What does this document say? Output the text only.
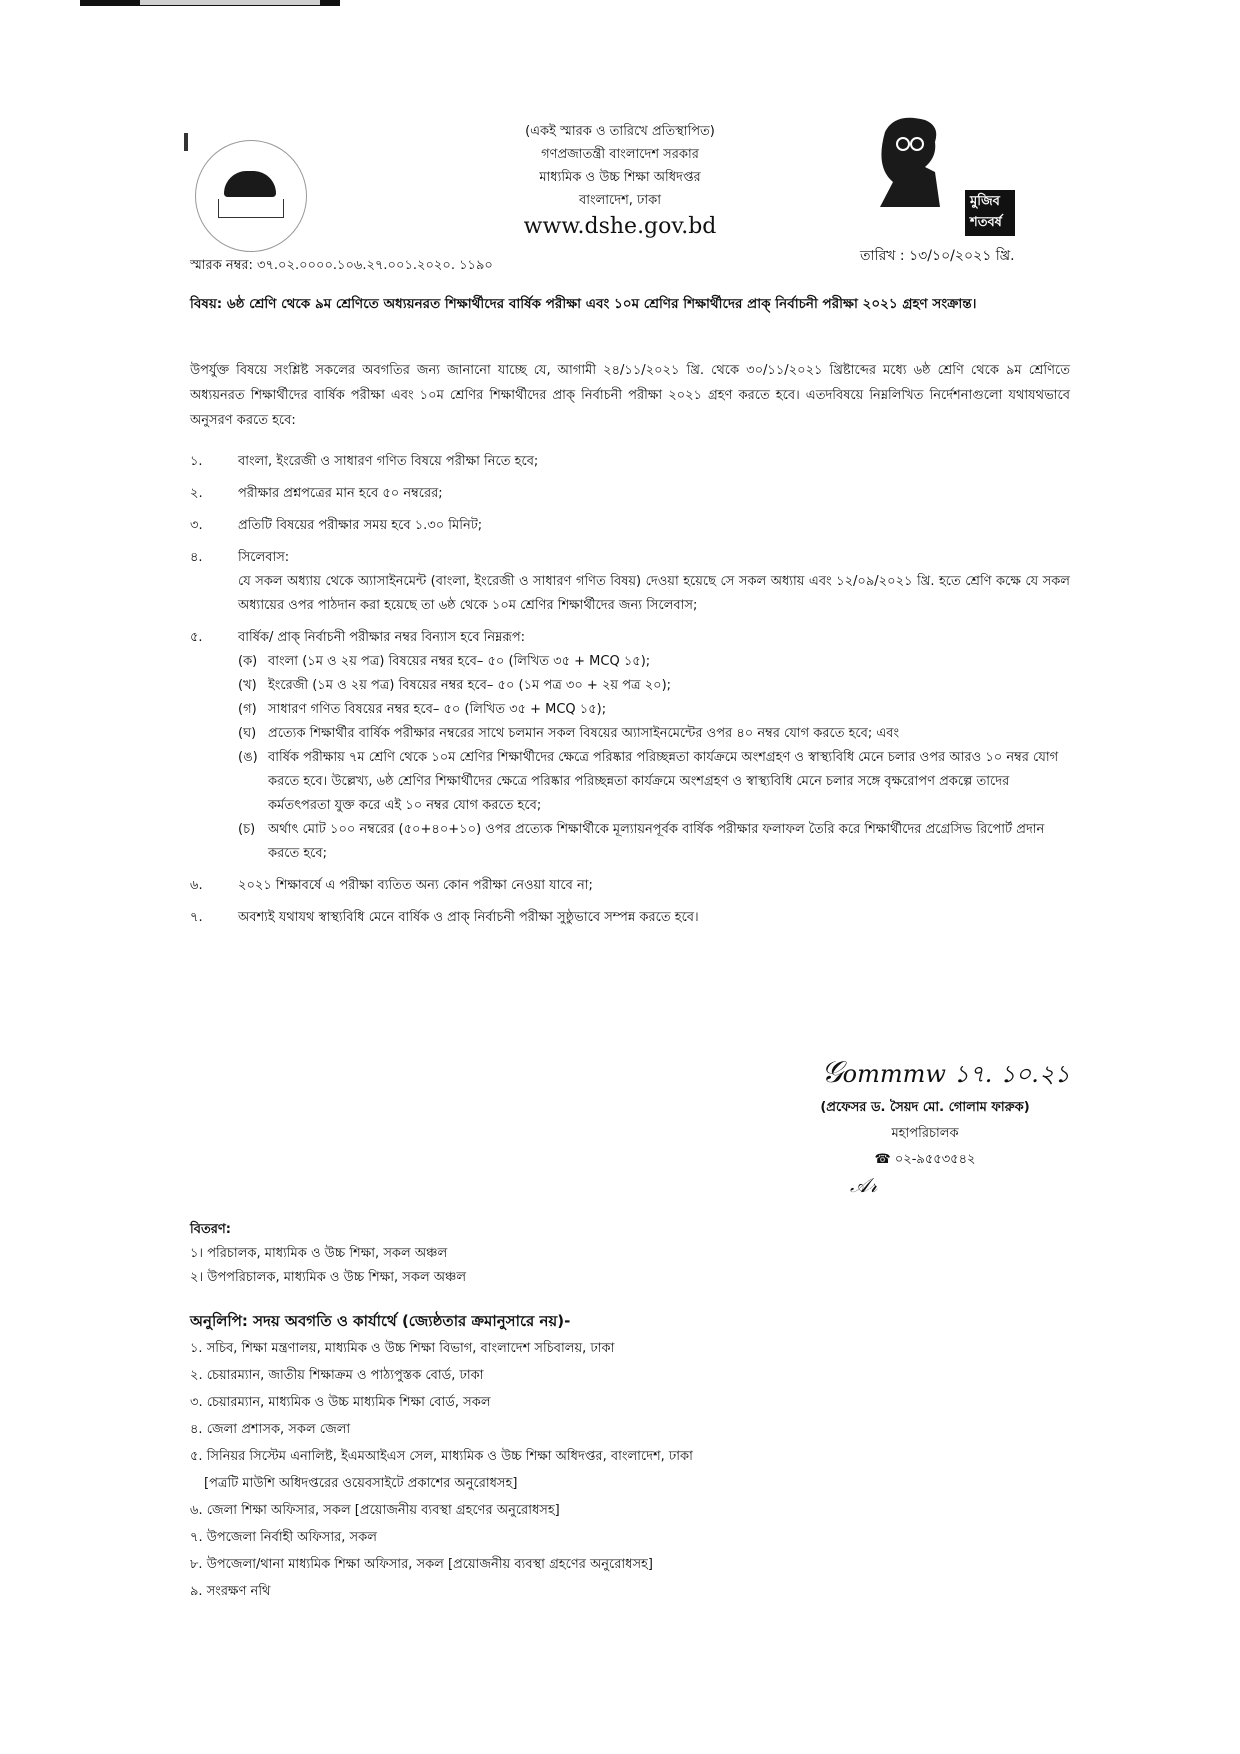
(একই স্মারক ও তারিখে প্রতিস্থাপিত)
গণপ্রজাতন্ত্রী বাংলাদেশ সরকার
মাধ্যমিক ও উচ্চ শিক্ষা অধিদপ্তর
বাংলাদেশ, ঢাকা
www.dshe.gov.bd
মুজিব শতবর্ষ
স্মারক নম্বর: ৩৭.০২.০০০০.১০৬.২৭.০০১.২০২০. ১১৯০
তারিখ : ১৩/১০/২০২১ খ্রি.
বিষয়: ৬ষ্ঠ শ্রেণি থেকে ৯ম শ্রেণিতে অধ্যয়নরত শিক্ষার্থীদের বার্ষিক পরীক্ষা এবং ১০ম শ্রেণির শিক্ষার্থীদের প্রাক্ নির্বাচনী পরীক্ষা ২০২১ গ্রহণ সংক্রান্ত।
উপর্যুক্ত বিষয়ে সংশ্লিষ্ট সকলের অবগতির জন্য জানানো যাচ্ছে যে, আগামী ২৪/১১/২০২১ খ্রি. থেকে ৩০/১১/২০২১ খ্রিষ্টাব্দের মধ্যে ৬ষ্ঠ শ্রেণি থেকে ৯ম শ্রেণিতে অধ্যয়নরত শিক্ষার্থীদের বার্ষিক পরীক্ষা এবং ১০ম শ্রেণির শিক্ষার্থীদের প্রাক্ নির্বাচনী পরীক্ষা ২০২১ গ্রহণ করতে হবে। এতদবিষয়ে নিম্নলিখিত নির্দেশনাগুলো যথাযথভাবে অনুসরণ করতে হবে:
১.	বাংলা, ইংরেজী ও সাধারণ গণিত বিষয়ে পরীক্ষা নিতে হবে;
২.	পরীক্ষার প্রশ্নপত্রের মান হবে ৫০ নম্বরের;
৩.	প্রতিটি বিষয়ের পরীক্ষার সময় হবে ১.৩০ মিনিট;
৪.	সিলেবাস:
যে সকল অধ্যায় থেকে অ্যাসাইনমেন্ট (বাংলা, ইংরেজী ও সাধারণ গণিত বিষয়) দেওয়া হয়েছে সে সকল অধ্যায় এবং ১২/০৯/২০২১ খ্রি. হতে শ্রেণি কক্ষে যে সকল অধ্যায়ের ওপর পাঠদান করা হয়েছে তা ৬ষ্ঠ থেকে ১০ম শ্রেণির শিক্ষার্থীদের জন্য সিলেবাস;
৫.	বার্ষিক/ প্রাক্ নির্বাচনী পরীক্ষার নম্বর বিন্যাস হবে নিম্নরূপ:
(ক) বাংলা (১ম ও ২য় পত্র) বিষয়ের নম্বর হবে– ৫০ (লিখিত ৩৫ + MCQ ১৫);
(খ) ইংরেজী (১ম ও ২য় পত্র) বিষয়ের নম্বর হবে– ৫০ (১ম পত্র ৩০ + ২য় পত্র ২০);
(গ) সাধারণ গণিত বিষয়ের নম্বর হবে– ৫০ (লিখিত ৩৫ + MCQ ১৫);
(ঘ) প্রত্যেক শিক্ষার্থীর বার্ষিক পরীক্ষার নম্বরের সাথে চলমান সকল বিষয়ের অ্যাসাইনমেন্টের ওপর ৪০ নম্বর যোগ করতে হবে; এবং
(ঙ) বার্ষিক পরীক্ষায় ৭ম শ্রেণি থেকে ১০ম শ্রেণির শিক্ষার্থীদের ক্ষেত্রে পরিষ্কার পরিচ্ছন্নতা কার্যক্রমে অংশগ্রহণ ও স্বাস্থ্যবিধি মেনে চলার ওপর আরও ১০ নম্বর যোগ করতে হবে। উল্লেখ্য, ৬ষ্ঠ শ্রেণির শিক্ষার্থীদের ক্ষেত্রে পরিষ্কার পরিচ্ছন্নতা কার্যক্রমে অংশগ্রহণ ও স্বাস্থ্যবিধি মেনে চলার সঙ্গে বৃক্ষরোপণ প্রকল্পে তাদের কর্মতৎপরতা যুক্ত করে এই ১০ নম্বর যোগ করতে হবে;
(চ) অর্থাৎ মোট ১০০ নম্বরের (৫০+৪০+১০) ওপর প্রত্যেক শিক্ষার্থীকে মূল্যায়নপূর্বক বার্ষিক পরীক্ষার ফলাফল তৈরি করে শিক্ষার্থীদের প্রগ্রেসিভ রিপোর্ট প্রদান করতে হবে;
৬.	২০২১ শিক্ষাবর্ষে এ পরীক্ষা ব্যতিত অন্য কোন পরীক্ষা নেওয়া যাবে না;
৭.	অবশ্যই যথাযথ স্বাস্থ্যবিধি মেনে বার্ষিক ও প্রাক্ নির্বাচনী পরীক্ষা সুষ্ঠুভাবে সম্পন্ন করতে হবে।
𝒢ommmw ১৭. ১০.২১
(প্রফেসর ড. সৈয়দ মো. গোলাম ফারুক)
মহাপরিচালক
☎ ০২-৯৫৫৩৫৪২
𝒜𝓇
বিতরণ:
১। পরিচালক, মাধ্যমিক ও উচ্চ শিক্ষা, সকল অঞ্চল
২। উপপরিচালক, মাধ্যমিক ও উচ্চ শিক্ষা, সকল অঞ্চল
অনুলিপি: সদয় অবগতি ও কার্যার্থে (জ্যেষ্ঠতার ক্রমানুসারে নয়)-
১. সচিব, শিক্ষা মন্ত্রণালয়, মাধ্যমিক ও উচ্চ শিক্ষা বিভাগ, বাংলাদেশ সচিবালয়, ঢাকা
২. চেয়ারম্যান, জাতীয় শিক্ষাক্রম ও পাঠ্যপুস্তক বোর্ড, ঢাকা
৩. চেয়ারম্যান, মাধ্যমিক ও উচ্চ মাধ্যমিক শিক্ষা বোর্ড, সকল
৪. জেলা প্রশাসক, সকল জেলা
৫. সিনিয়র সিস্টেম এনালিষ্ট, ইএমআইএস সেল, মাধ্যমিক ও উচ্চ শিক্ষা অধিদপ্তর, বাংলাদেশ, ঢাকা
[পত্রটি মাউশি অধিদপ্তরের ওয়েবসাইটে প্রকাশের অনুরোধসহ]
৬. জেলা শিক্ষা অফিসার, সকল [প্রয়োজনীয় ব্যবস্থা গ্রহণের অনুরোধসহ]
৭. উপজেলা নির্বাহী অফিসার, সকল
৮. উপজেলা/থানা মাধ্যমিক শিক্ষা অফিসার, সকল [প্রয়োজনীয় ব্যবস্থা গ্রহণের অনুরোধসহ]
৯. সংরক্ষণ নথি
